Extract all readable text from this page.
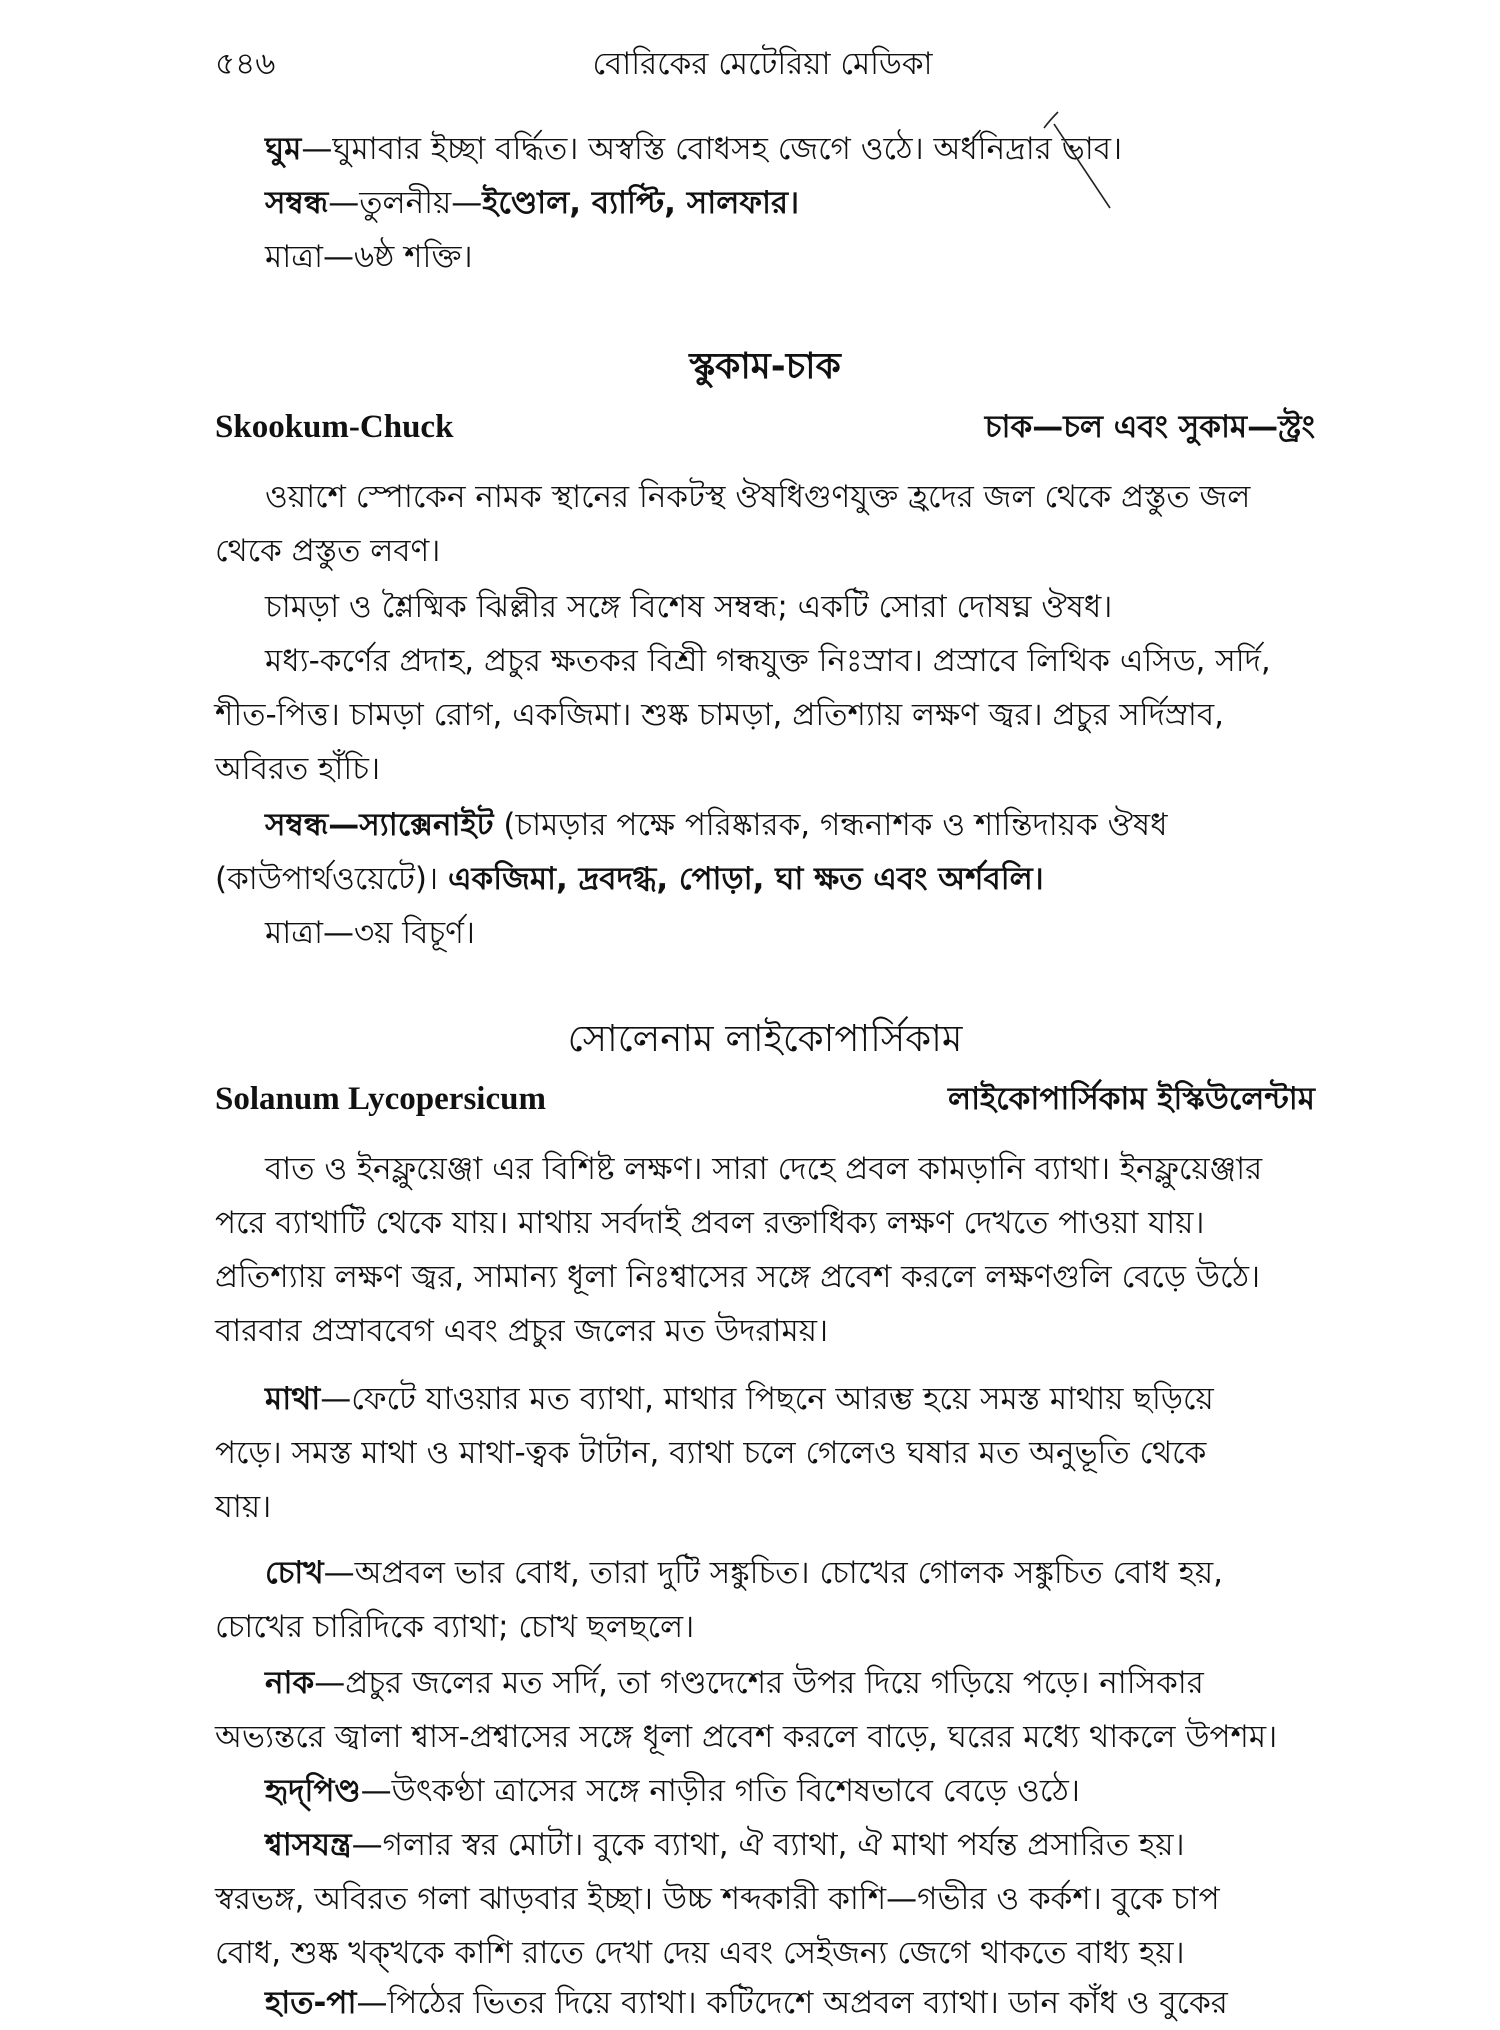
৫৪৬	বোরিকের মেটেরিয়া মেডিকা
ঘুম—ঘুমাবার ইচ্ছা বর্দ্ধিত। অস্বস্তি বোধসহ জেগে ওঠে। অর্ধনিদ্রার ভাব।
সম্বন্ধ—তুলনীয়—ইণ্ডোল, ব্যাপ্টি, সালফার।
মাত্রা—৬ষ্ঠ শক্তি।
স্কুকাম-চাক
Skookum-Chuck	চাক—চল এবং সুকাম—স্ট্রং
ওয়াশে স্পোকেন নামক স্থানের নিকটস্থ ঔষধিগুণযুক্ত হ্রদের জল থেকে প্রস্তুত জল
থেকে প্রস্তুত লবণ।
চামড়া ও শ্লৈষ্মিক ঝিল্লীর সঙ্গে বিশেষ সম্বন্ধ; একটি সোরা দোষঘ্ন ঔষধ।
মধ্য-কর্ণের প্রদাহ, প্রচুর ক্ষতকর বিশ্রী গন্ধযুক্ত নিঃস্রাব। প্রস্রাবে লিথিক এসিড, সর্দি,
শীত-পিত্ত। চামড়া রোগ, একজিমা। শুষ্ক চামড়া, প্রতিশ্যায় লক্ষণ জ্বর। প্রচুর সর্দিস্রাব,
অবিরত হাঁচি।
সম্বন্ধ—স্যাক্সেনাইট (চামড়ার পক্ষে পরিষ্কারক, গন্ধনাশক ও শান্তিদায়ক ঔষধ
(কাউপার্থওয়েটে)। একজিমা, দ্রবদগ্ধ, পোড়া, ঘা ক্ষত এবং অর্শবলি।
মাত্রা—৩য় বিচূর্ণ।
সোলেনাম লাইকোপার্সিকাম
Solanum Lycopersicum	লাইকোপার্সিকাম ইস্কিউলেন্টাম
বাত ও ইনফ্লুয়েঞ্জা এর বিশিষ্ট লক্ষণ। সারা দেহে প্রবল কামড়ানি ব্যাথা। ইনফ্লুয়েঞ্জার
পরে ব্যাথাটি থেকে যায়। মাথায় সর্বদাই প্রবল রক্তাধিক্য লক্ষণ দেখতে পাওয়া যায়।
প্রতিশ্যায় লক্ষণ জ্বর, সামান্য ধূলা নিঃশ্বাসের সঙ্গে প্রবেশ করলে লক্ষণগুলি বেড়ে উঠে।
বারবার প্রস্রাববেগ এবং প্রচুর জলের মত উদরাময়।
মাথা—ফেটে যাওয়ার মত ব্যাথা, মাথার পিছনে আরম্ভ হয়ে সমস্ত মাথায় ছড়িয়ে
পড়ে। সমস্ত মাথা ও মাথা-ত্বক টাটান, ব্যাথা চলে গেলেও ঘষার মত অনুভূতি থেকে
যায়।
চোখ—অপ্রবল ভার বোধ, তারা দুটি সঙ্কুচিত। চোখের গোলক সঙ্কুচিত বোধ হয়,
চোখের চারিদিকে ব্যাথা; চোখ ছলছলে।
নাক—প্রচুর জলের মত সর্দি, তা গণ্ডদেশের উপর দিয়ে গড়িয়ে পড়ে। নাসিকার
অভ্যন্তরে জ্বালা শ্বাস-প্রশ্বাসের সঙ্গে ধূলা প্রবেশ করলে বাড়ে, ঘরের মধ্যে থাকলে উপশম।
হৃদ্‌পিণ্ড—উৎকণ্ঠা ত্রাসের সঙ্গে নাড়ীর গতি বিশেষভাবে বেড়ে ওঠে।
শ্বাসযন্ত্র—গলার স্বর মোটা। বুকে ব্যাথা, ঐ ব্যাথা, ঐ মাথা পর্যন্ত প্রসারিত হয়।
স্বরভঙ্গ, অবিরত গলা ঝাড়বার ইচ্ছা। উচ্চ শব্দকারী কাশি—গভীর ও কর্কশ। বুকে চাপ
বোধ, শুষ্ক খক্‌খকে কাশি রাতে দেখা দেয় এবং সেইজন্য জেগে থাকতে বাধ্য হয়।
হাত-পা—পিঠের ভিতর দিয়ে ব্যাথা। কটিদেশে অপ্রবল ব্যাথা। ডান কাঁধ ও বুকের
